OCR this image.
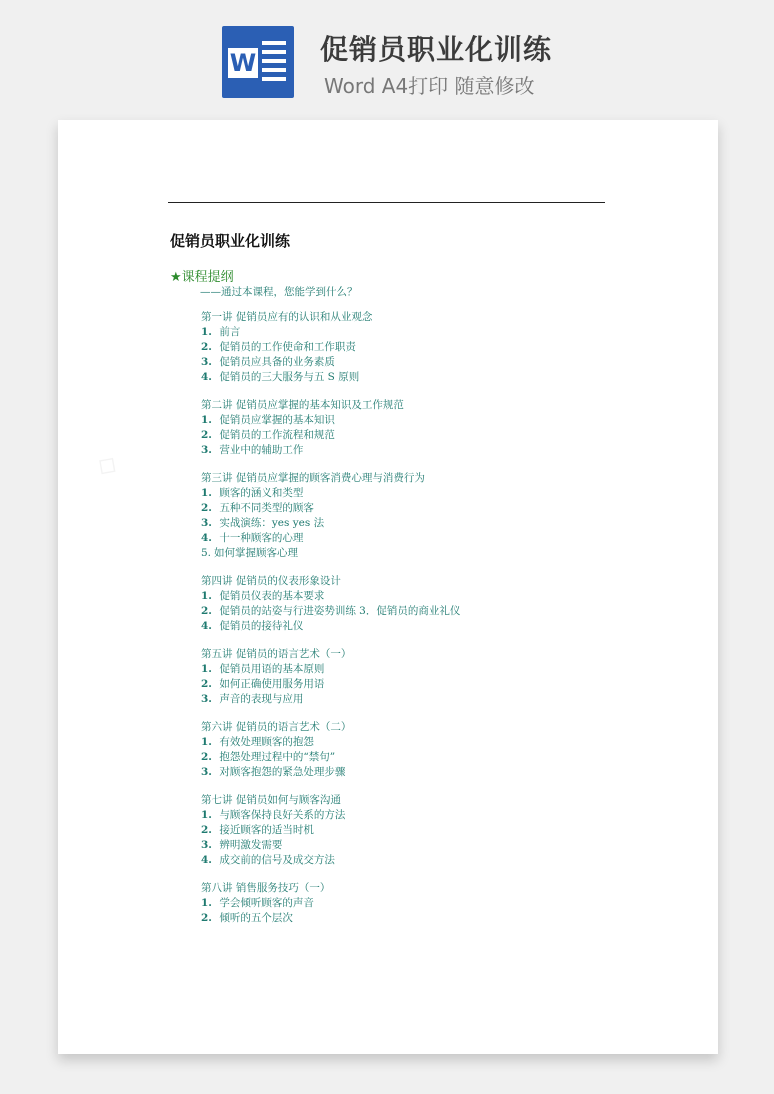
W 促销员职业化训练
Word A4打印 随意修改
◇
促销员职业化训练
★课程提纲
——通过本课程，您能学到什么？
第一讲 促销员应有的认识和从业观念
1. 前言
2. 促销员的工作使命和工作职责
3. 促销员应具备的业务素质
4. 促销员的三大服务与五 S 原则
第二讲 促销员应掌握的基本知识及工作规范
1. 促销员应掌握的基本知识
2. 促销员的工作流程和规范
3. 营业中的辅助工作
第三讲 促销员应掌握的顾客消费心理与消费行为
1. 顾客的涵义和类型
2. 五种不同类型的顾客
3. 实战演练：yes yes 法
4. 十一种顾客的心理
5. 如何掌握顾客心理
第四讲 促销员的仪表形象设计
1. 促销员仪表的基本要求
2. 促销员的站姿与行进姿势训练 3．促销员的商业礼仪
4. 促销员的接待礼仪
第五讲 促销员的语言艺术（一）
1. 促销员用语的基本原则
2. 如何正确使用服务用语
3. 声音的表现与应用
第六讲 促销员的语言艺术（二）
1. 有效处理顾客的抱怨
2. 抱怨处理过程中的“禁句”
3. 对顾客抱怨的紧急处理步骤
第七讲 促销员如何与顾客沟通
1. 与顾客保持良好关系的方法
2. 接近顾客的适当时机
3. 辨明激发需要
4. 成交前的信号及成交方法
第八讲 销售服务技巧（一）
1. 学会倾听顾客的声音
2. 倾听的五个层次
